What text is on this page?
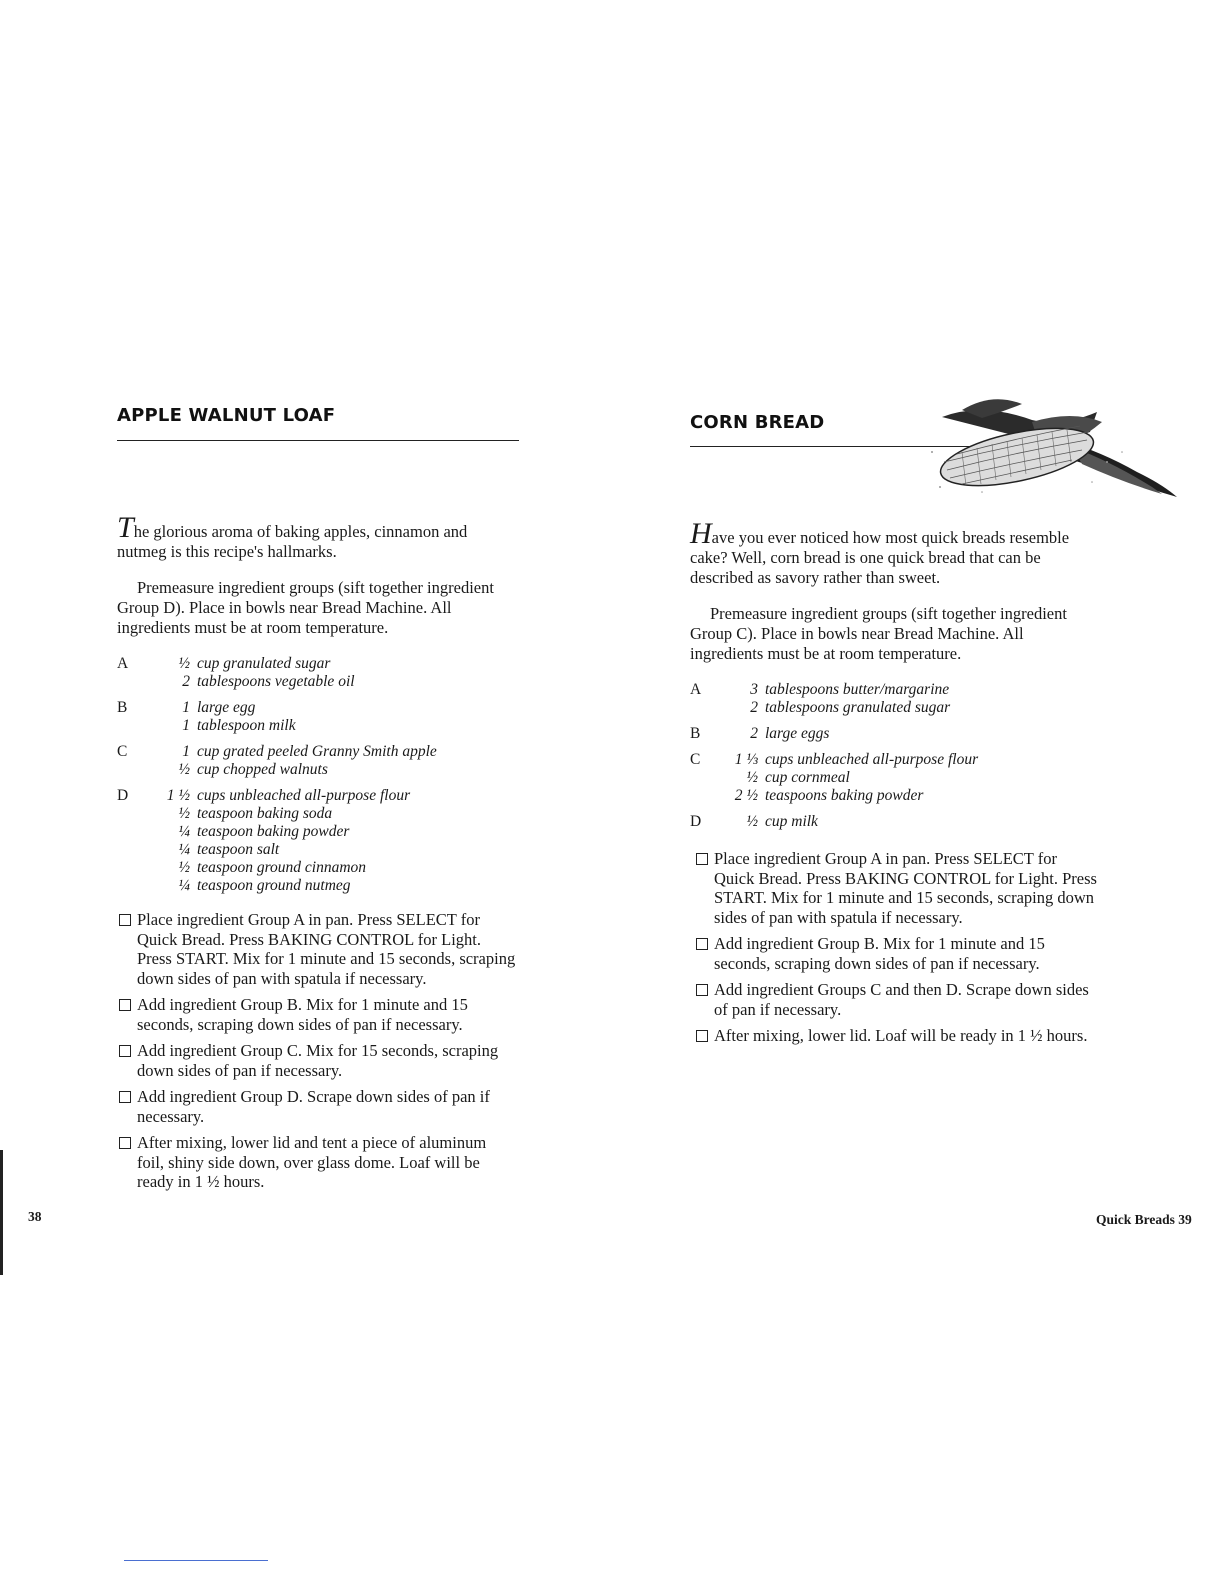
APPLE WALNUT LOAF

The glorious aroma of baking apples, cinnamon and nutmeg is this recipe's hallmarks.

Premeasure ingredient groups (sift together ingredient Group D). Place in bowls near Bread Machine. All ingredients must be at room temperature.

A	½ cup granulated sugar
2 tablespoons vegetable oil
B	1 large egg
1 tablespoon milk
C	1 cup grated peeled Granny Smith apple
½ cup chopped walnuts
D	1 ½ cups unbleached all-purpose flour
½ teaspoon baking soda
¼ teaspoon baking powder
¼ teaspoon salt
½ teaspoon ground cinnamon
¼ teaspoon ground nutmeg
Place ingredient Group A in pan. Press SELECT for Quick Bread. Press BAKING CONTROL for Light. Press START. Mix for 1 minute and 15 seconds, scraping down sides of pan with spatula if necessary.
Add ingredient Group B. Mix for 1 minute and 15 seconds, scraping down sides of pan if necessary.
Add ingredient Group C. Mix for 15 seconds, scraping down sides of pan if necessary.
Add ingredient Group D. Scrape down sides of pan if necessary.
After mixing, lower lid and tent a piece of aluminum foil, shiny side down, over glass dome. Loaf will be ready in 1 ½ hours.

38

CORN BREAD

Have you ever noticed how most quick breads resemble cake? Well, corn bread is one quick bread that can be described as savory rather than sweet.

Premeasure ingredient groups (sift together ingredient Group C). Place in bowls near Bread Machine. All ingredients must be at room temperature.

A	3 tablespoons butter/margarine
2 tablespoons granulated sugar
B	2 large eggs
C	1 ⅓ cups unbleached all-purpose flour
½ cup cornmeal
2 ½ teaspoons baking powder
D	½ cup milk
Place ingredient Group A in pan. Press SELECT for Quick Bread. Press BAKING CONTROL for Light. Press START. Mix for 1 minute and 15 seconds, scraping down sides of pan with spatula if necessary.
Add ingredient Group B. Mix for 1 minute and 15 seconds, scraping down sides of pan if necessary.
Add ingredient Groups C and then D. Scrape down sides of pan if necessary.
After mixing, lower lid. Loaf will be ready in 1 ½ hours.

Quick Breads 39
